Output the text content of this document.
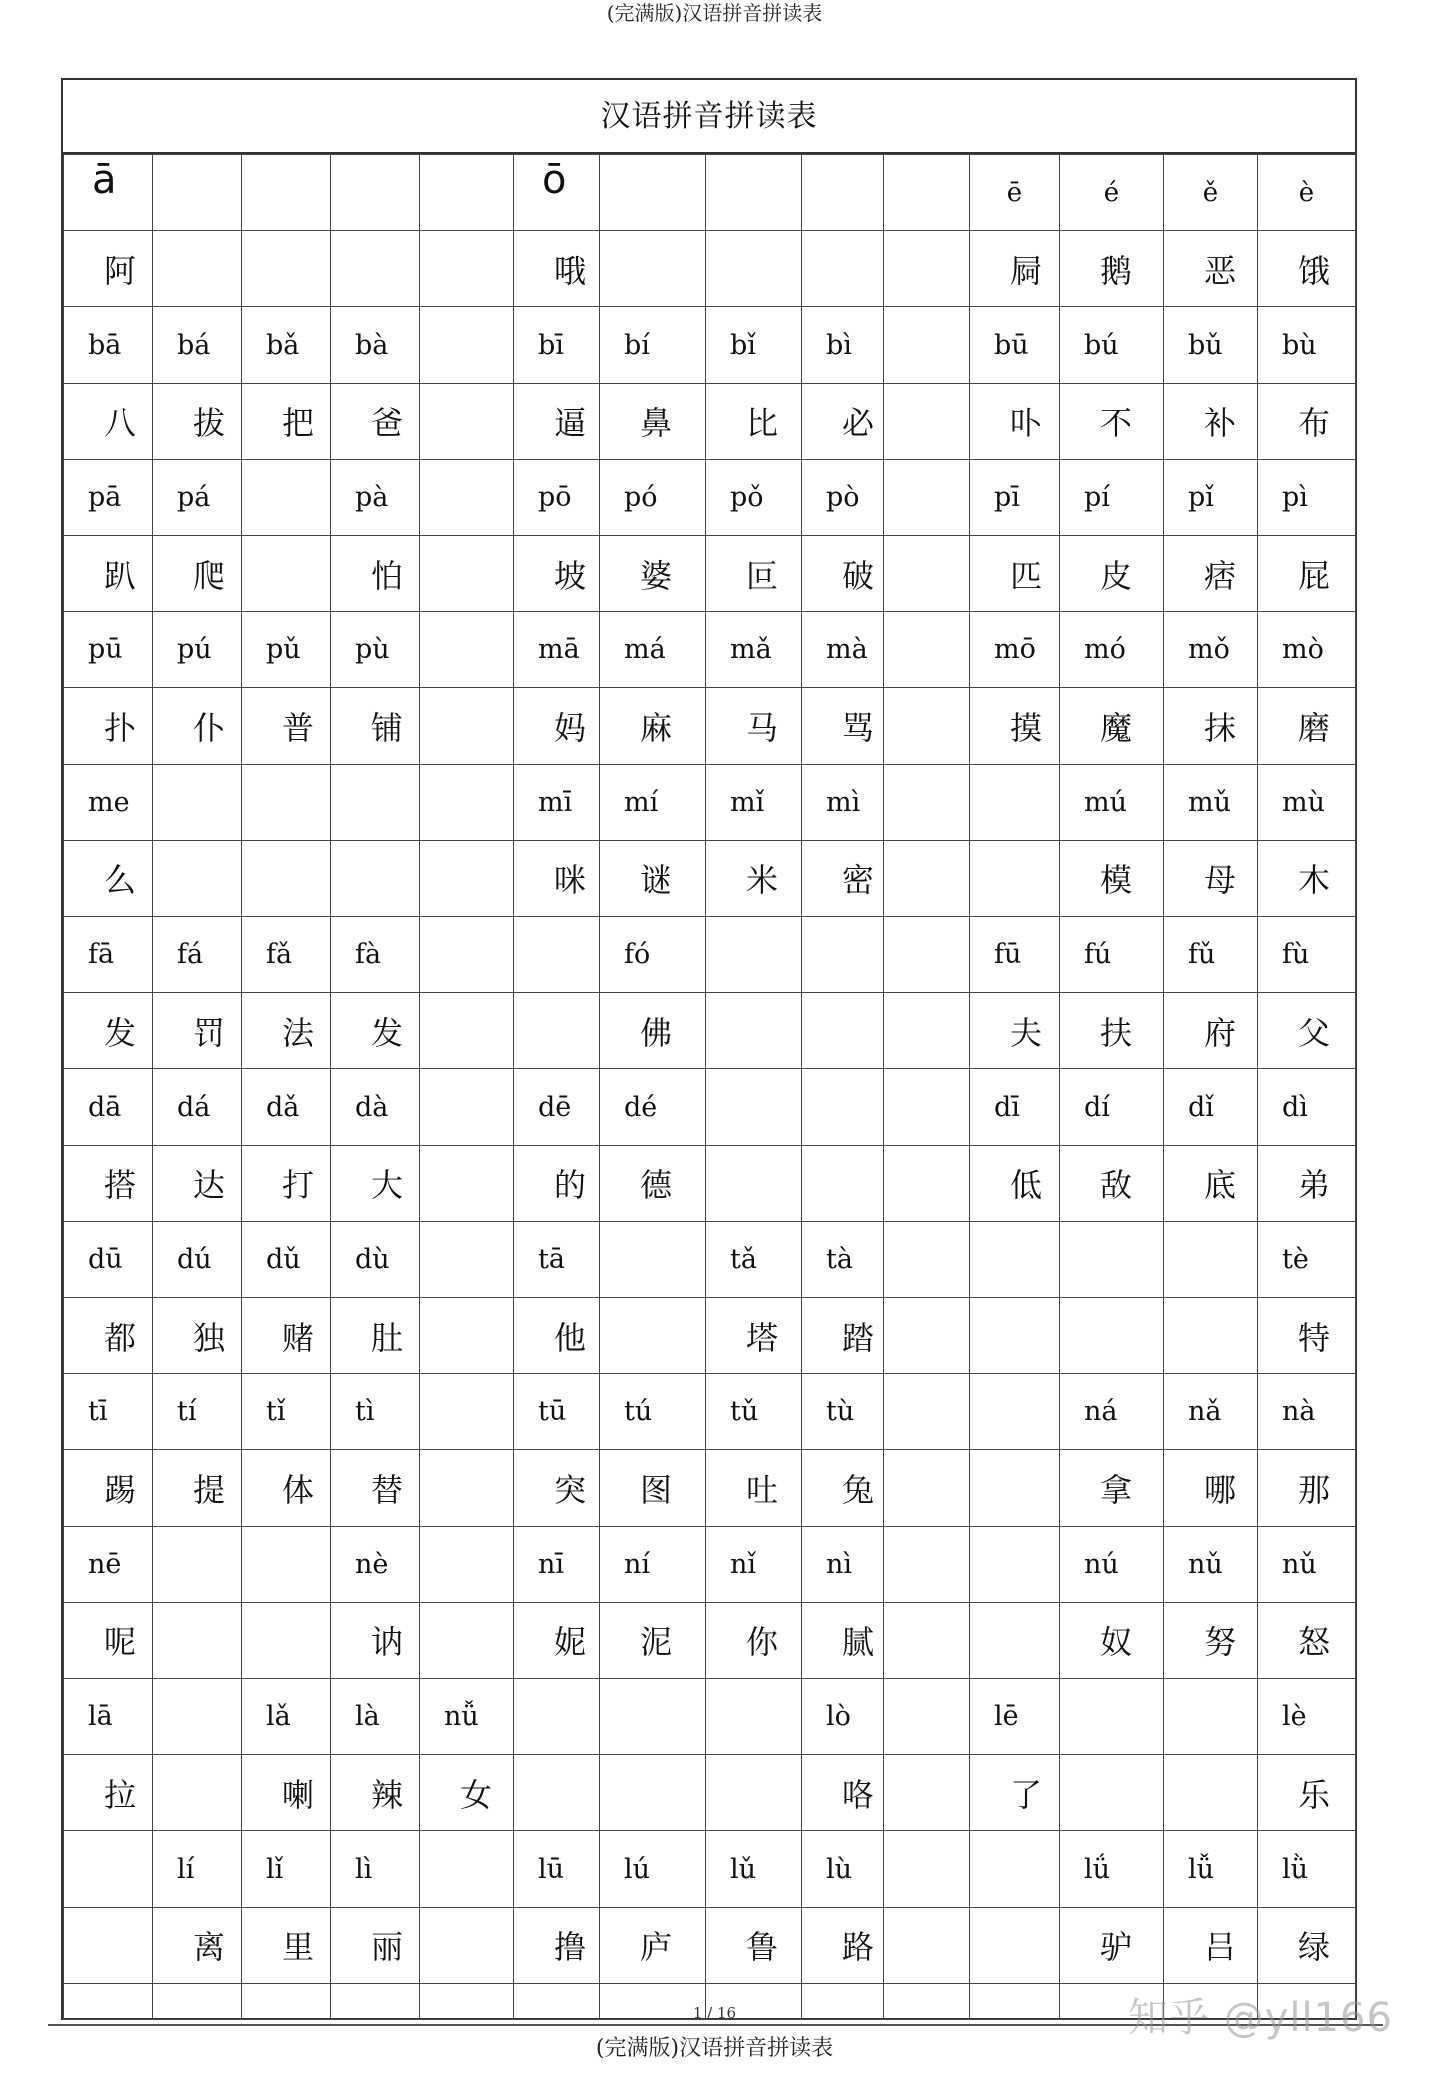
(完满版)汉语拼音拼读表
汉语拼音拼读表
ā					ō					ē	é	ě	è
阿					哦					屙	鹅	恶	饿
bā	bá	bǎ	bà		bī	bí	bǐ	bì		bū	bú	bǔ	bù
八	拔	把	爸		逼	鼻	比	必		卟	不	补	布
pā	pá		pà		pō	pó	pǒ	pò		pī	pí	pǐ	pì
趴	爬		怕		坡	婆	叵	破		匹	皮	痞	屁
pū	pú	pǔ	pù		mā	má	mǎ	mà		mō	mó	mǒ	mò
扑	仆	普	铺		妈	麻	马	骂		摸	魔	抹	磨
me					mī	mí	mǐ	mì			mú	mǔ	mù
么					咪	谜	米	密			模	母	木
fā	fá	fǎ	fà			fó				fū	fú	fǔ	fù
发	罚	法	发			佛				夫	扶	府	父
dā	dá	dǎ	dà		dē	dé				dī	dí	dǐ	dì
搭	达	打	大		的	德				低	敌	底	弟
dū	dú	dǔ	dù		tā		tǎ	tà					tè
都	独	赌	肚		他		塔	踏					特
tī	tí	tǐ	tì		tū	tú	tǔ	tù			ná	nǎ	nà
踢	提	体	替		突	图	吐	兔			拿	哪	那
nē			nè		nī	ní	nǐ	nì			nú	nǔ	nǔ
呢			讷		妮	泥	你	腻			奴	努	怒
lā		lǎ	là	nǚ				lò		lē			lè
拉		喇	辣	女				咯		了			乐
	lí	lǐ	lì		lū	lú	lǔ	lù			lǘ	lǚ	lǜ
	离	里	丽		撸	庐	鲁	路			驴	吕	绿

1 / 16
(完满版)汉语拼音拼读表
知乎 @yll166
